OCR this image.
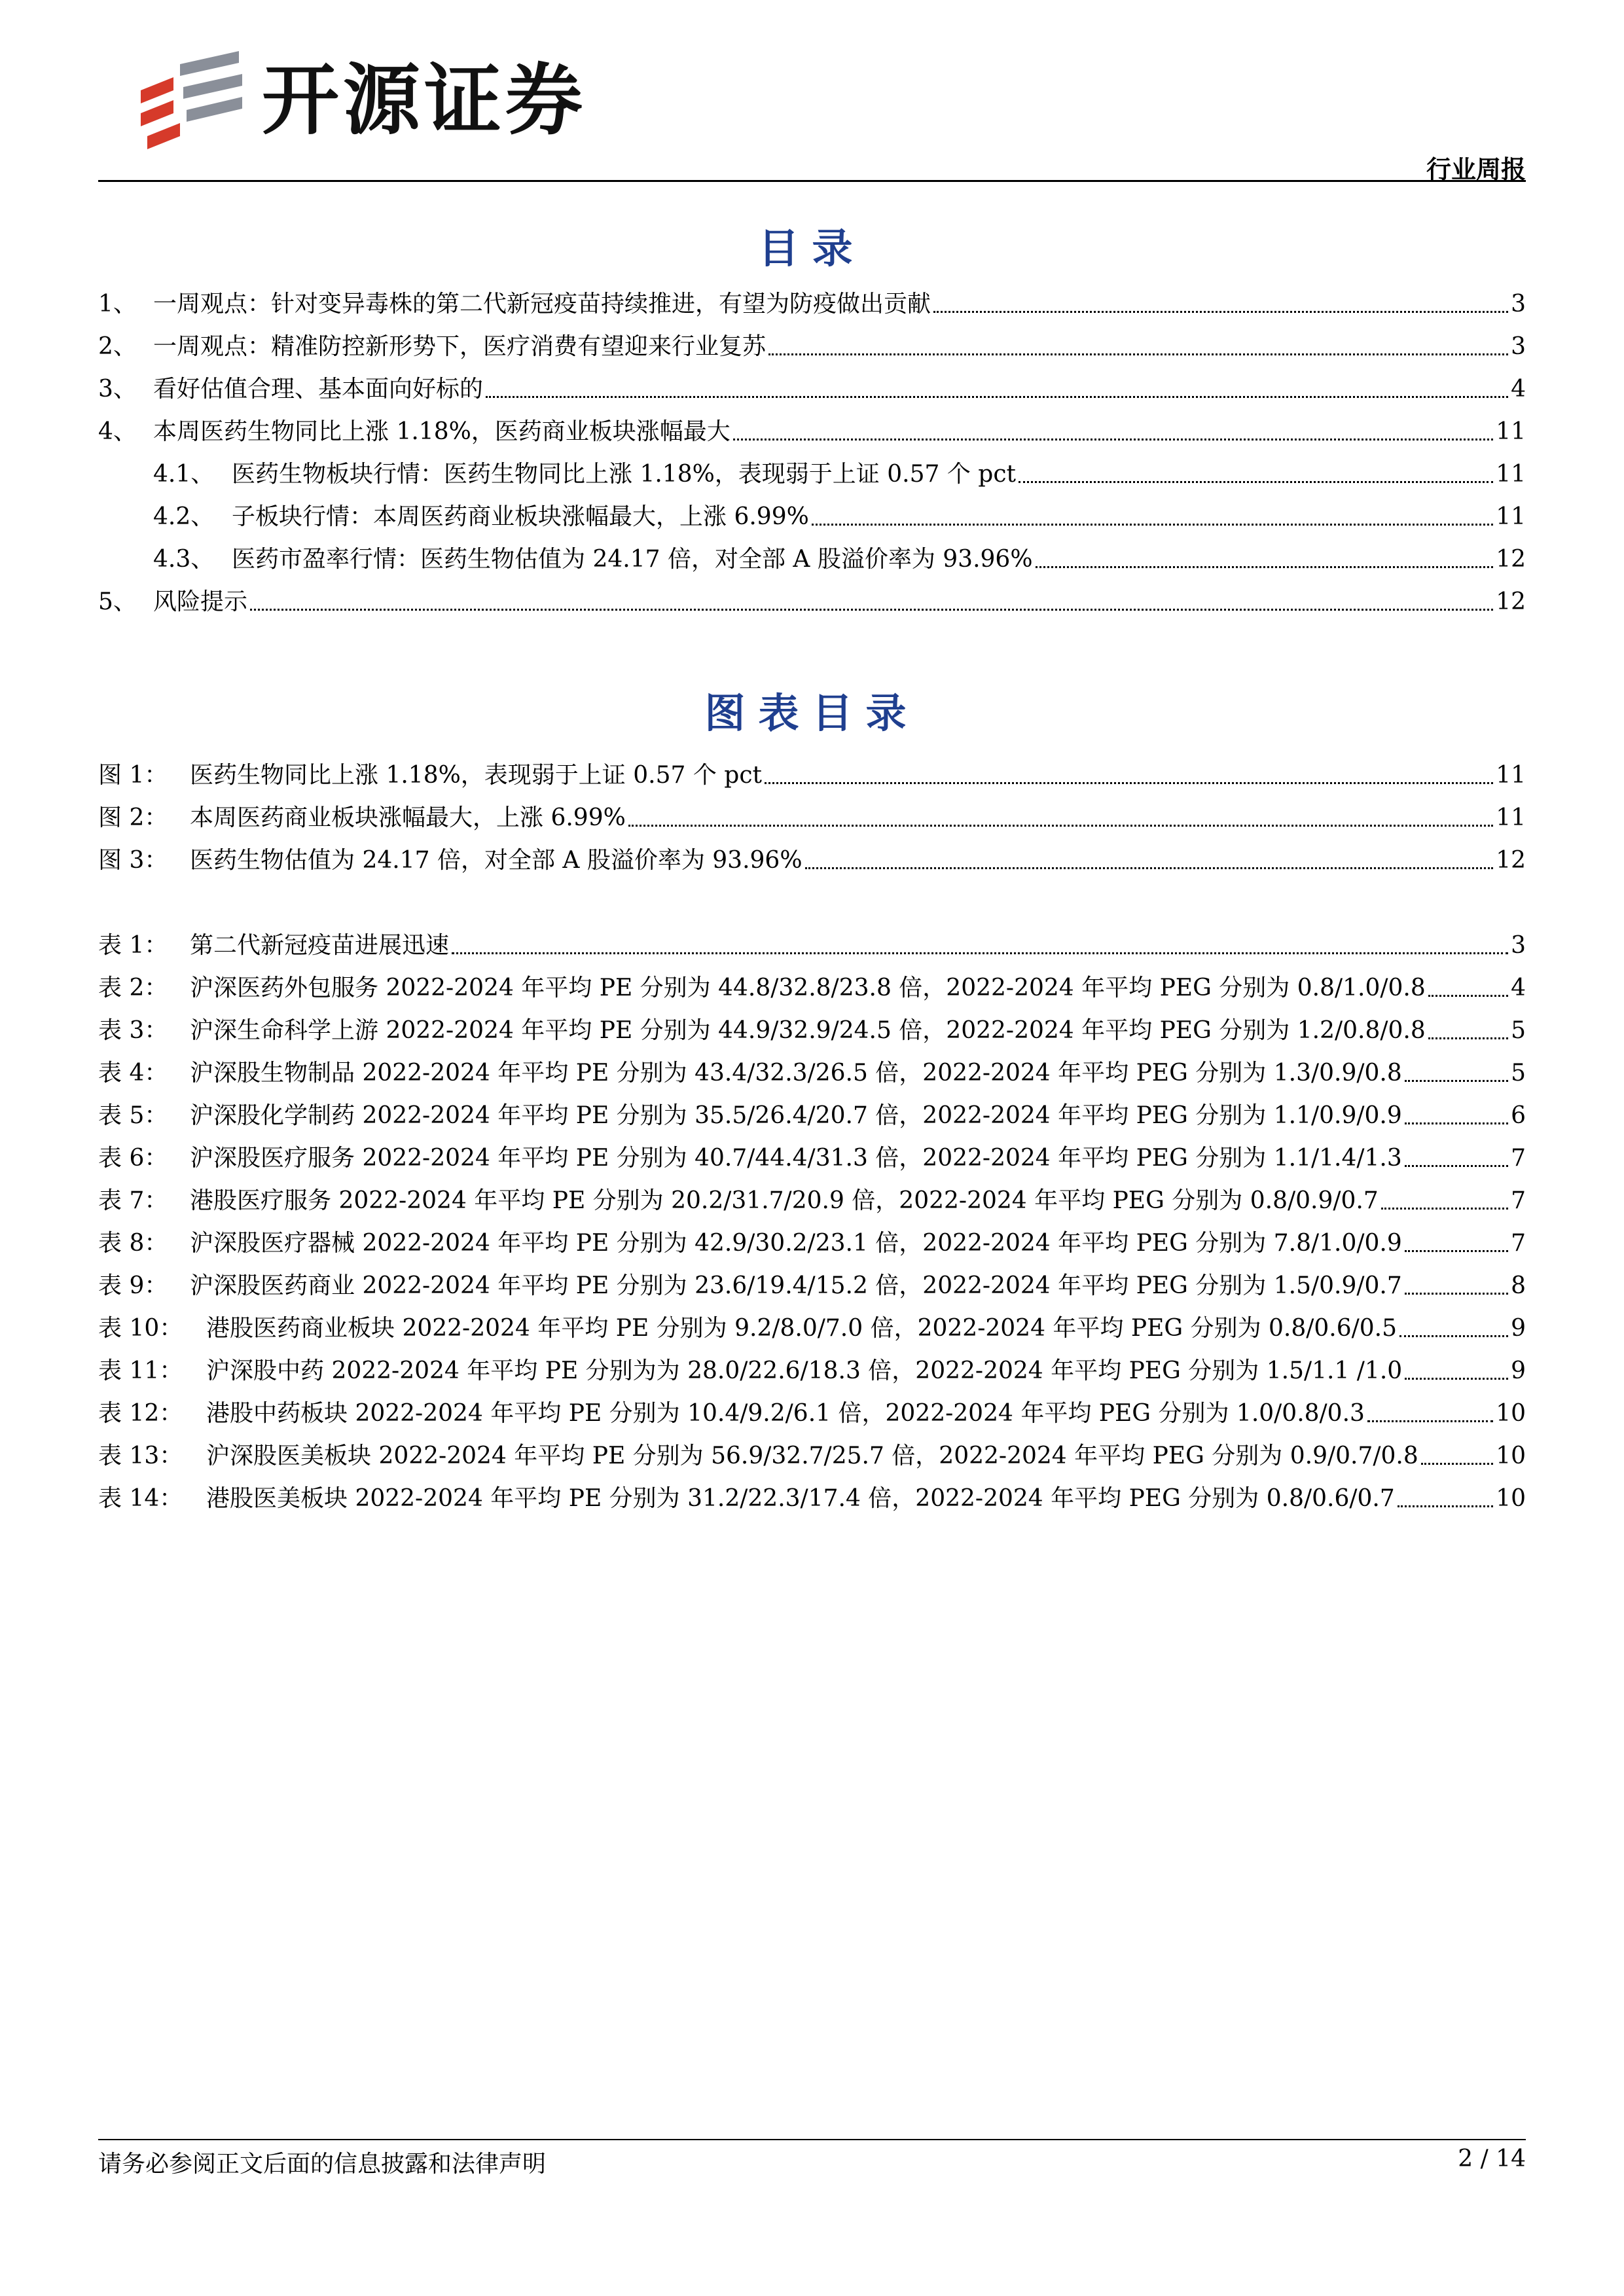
开源证券
行业周报
目录
1、 一周观点：针对变异毒株的第二代新冠疫苗持续推进，有望为防疫做出贡献	3
2、 一周观点：精准防控新形势下，医疗消费有望迎来行业复苏	3
3、 看好估值合理、基本面向好标的	4
4、 本周医药生物同比上涨 1.18%，医药商业板块涨幅最大	11
4.1、 医药生物板块行情：医药生物同比上涨 1.18%，表现弱于上证 0.57 个 pct	11
4.2、 子板块行情：本周医药商业板块涨幅最大，上涨 6.99%	11
4.3、 医药市盈率行情：医药生物估值为 24.17 倍，对全部 A 股溢价率为 93.96%	12
5、 风险提示	12
图表目录
图 1： 医药生物同比上涨 1.18%，表现弱于上证 0.57 个 pct	11
图 2： 本周医药商业板块涨幅最大，上涨 6.99%	11
图 3： 医药生物估值为 24.17 倍，对全部 A 股溢价率为 93.96%	12
表 1： 第二代新冠疫苗进展迅速	3
表 2： 沪深医药外包服务 2022-2024 年平均 PE 分别为 44.8/32.8/23.8 倍，2022-2024 年平均 PEG 分别为 0.8/1.0/0.8	4
表 3： 沪深生命科学上游 2022-2024 年平均 PE 分别为 44.9/32.9/24.5 倍，2022-2024 年平均 PEG 分别为 1.2/0.8/0.8	5
表 4： 沪深股生物制品 2022-2024 年平均 PE 分别为 43.4/32.3/26.5 倍，2022-2024 年平均 PEG 分别为 1.3/0.9/0.8	5
表 5： 沪深股化学制药 2022-2024 年平均 PE 分别为 35.5/26.4/20.7 倍，2022-2024 年平均 PEG 分别为 1.1/0.9/0.9	6
表 6： 沪深股医疗服务 2022-2024 年平均 PE 分别为 40.7/44.4/31.3 倍，2022-2024 年平均 PEG 分别为 1.1/1.4/1.3	7
表 7： 港股医疗服务 2022-2024 年平均 PE 分别为 20.2/31.7/20.9 倍，2022-2024 年平均 PEG 分别为 0.8/0.9/0.7	7
表 8： 沪深股医疗器械 2022-2024 年平均 PE 分别为 42.9/30.2/23.1 倍，2022-2024 年平均 PEG 分别为 7.8/1.0/0.9	7
表 9： 沪深股医药商业 2022-2024 年平均 PE 分别为 23.6/19.4/15.2 倍，2022-2024 年平均 PEG 分别为 1.5/0.9/0.7	8
表 10： 港股医药商业板块 2022-2024 年平均 PE 分别为 9.2/8.0/7.0 倍，2022-2024 年平均 PEG 分别为 0.8/0.6/0.5	9
表 11： 沪深股中药 2022-2024 年平均 PE 分别为为 28.0/22.6/18.3 倍，2022-2024 年平均 PEG 分别为 1.5/1.1 /1.0	9
表 12： 港股中药板块 2022-2024 年平均 PE 分别为 10.4/9.2/6.1 倍，2022-2024 年平均 PEG 分别为 1.0/0.8/0.3	10
表 13： 沪深股医美板块 2022-2024 年平均 PE 分别为 56.9/32.7/25.7 倍，2022-2024 年平均 PEG 分别为 0.9/0.7/0.8	10
表 14： 港股医美板块 2022-2024 年平均 PE 分别为 31.2/22.3/17.4 倍，2022-2024 年平均 PEG 分别为 0.8/0.6/0.7	10
请务必参阅正文后面的信息披露和法律声明	2 / 14
